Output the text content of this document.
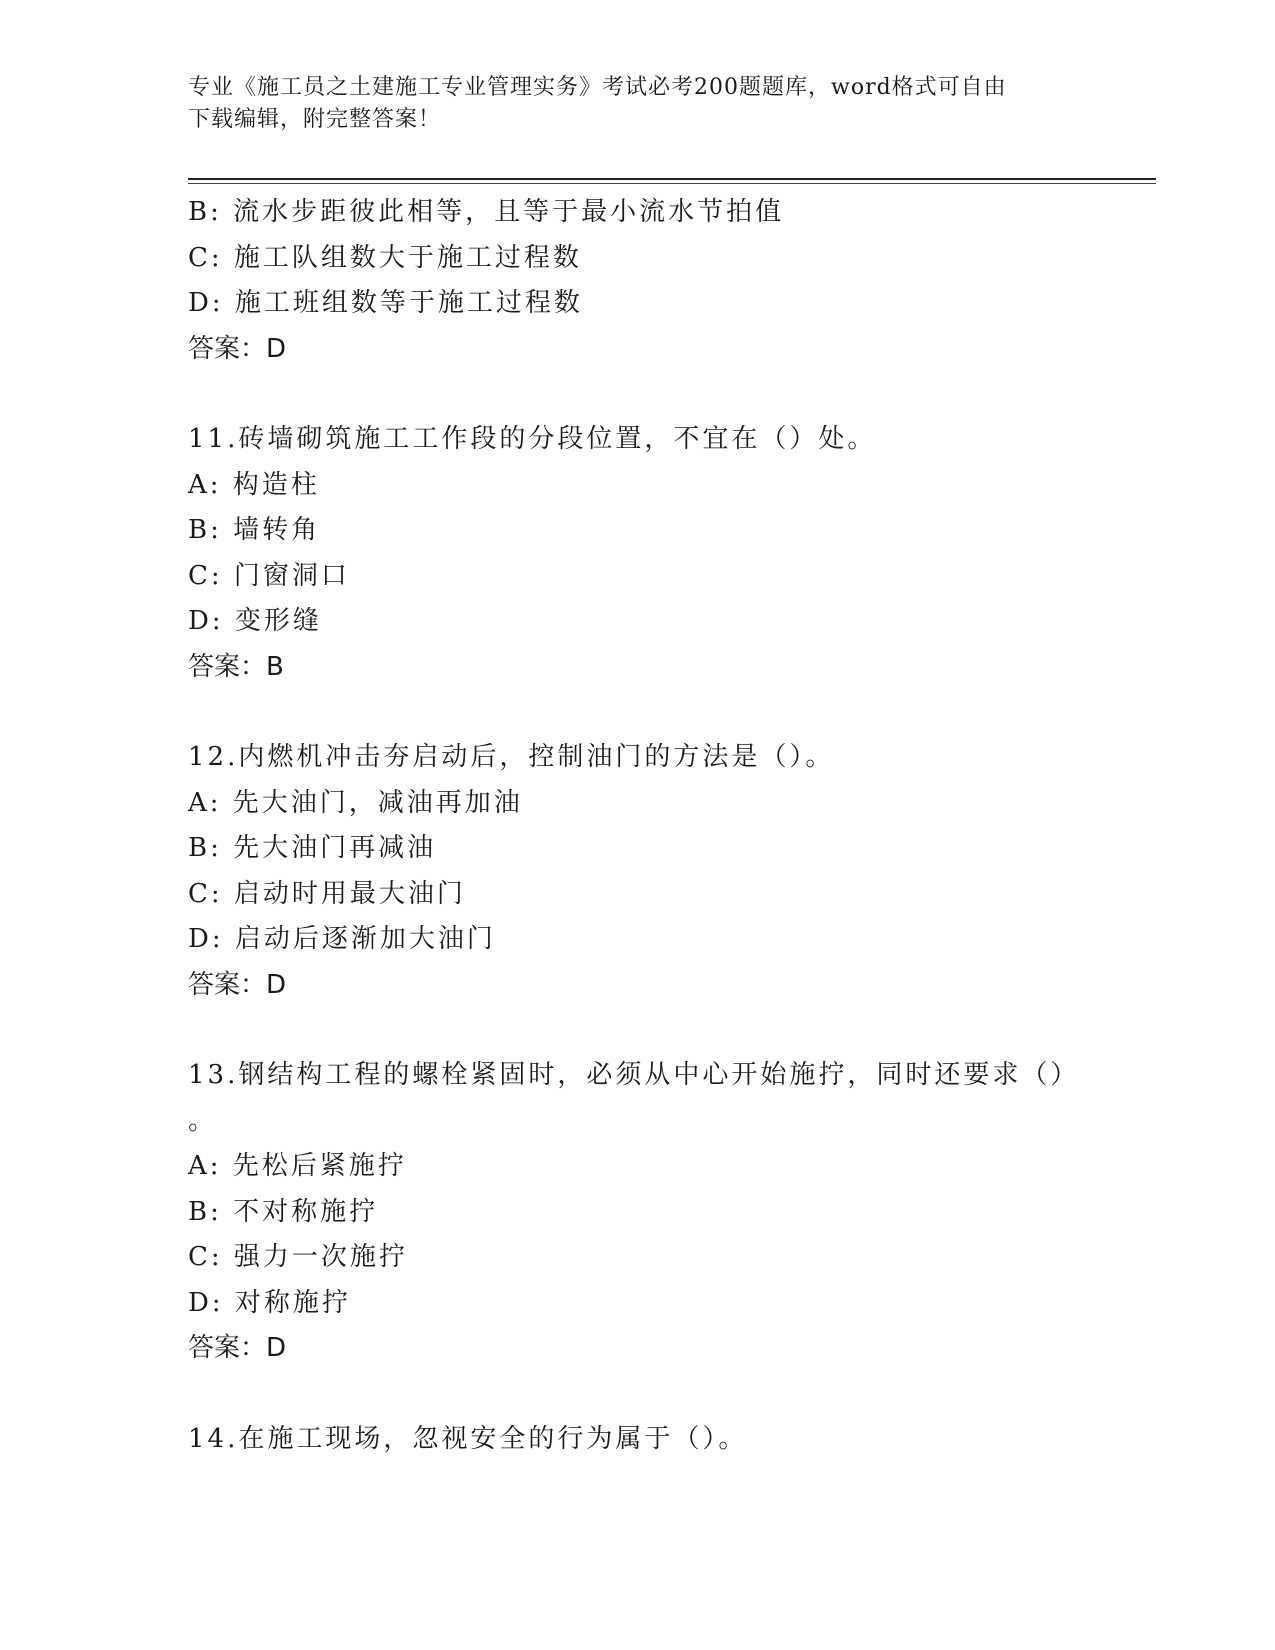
专业《施工员之土建施工专业管理实务》考试必考200题题库，word格式可自由
下载编辑，附完整答案！
B: 流水步距彼此相等，且等于最小流水节拍值
C: 施工队组数大于施工过程数
D: 施工班组数等于施工过程数
答案：D
11.砖墙砌筑施工工作段的分段位置，不宜在（）处。
A: 构造柱
B: 墙转角
C: 门窗洞口
D: 变形缝
答案：B
12.内燃机冲击夯启动后，控制油门的方法是（）。
A: 先大油门，减油再加油
B: 先大油门再减油
C: 启动时用最大油门
D: 启动后逐渐加大油门
答案：D
13.钢结构工程的螺栓紧固时，必须从中心开始施拧，同时还要求（）
。
A: 先松后紧施拧
B: 不对称施拧
C: 强力一次施拧
D: 对称施拧
答案：D
14.在施工现场，忽视安全的行为属于（）。
